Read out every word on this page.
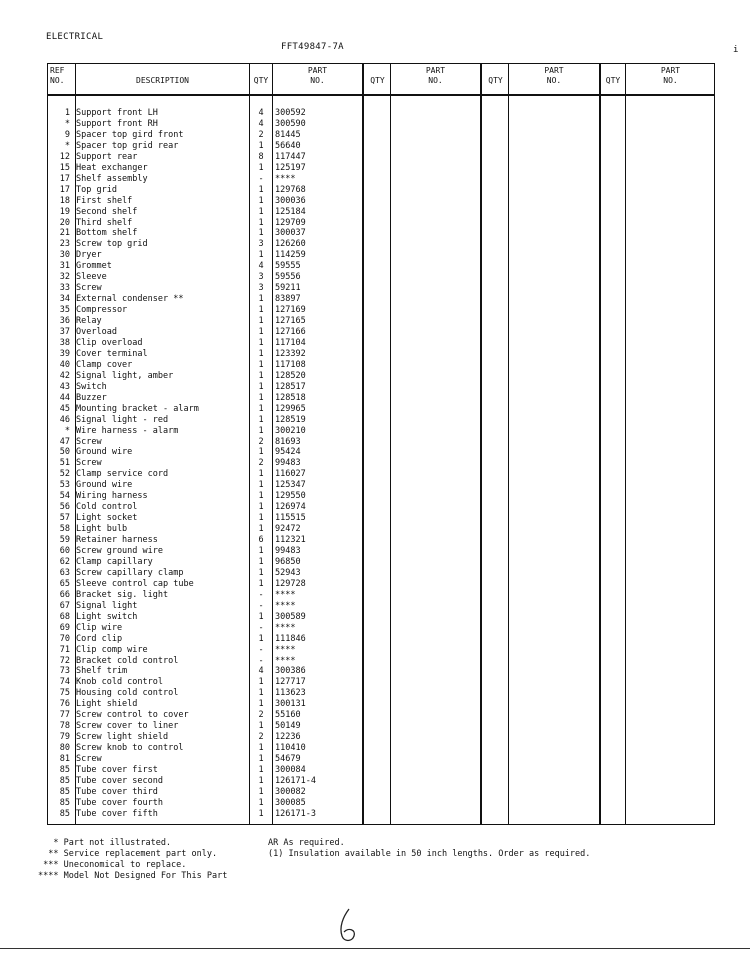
ELECTRICAL
FFT49847-7A	i
REF
NO.	DESCRIPTION	QTY
PART
NO.	QTY
PART
NO.	QTY
PART
NO.	QTY
PART
NO.
1 Support front LH	4	300592
* Support front RH	4	300590
9 Spacer top gird front	2	81445
* Spacer top grid rear	1	56640
12 Support rear	8	117447
15 Heat exchanger	1	125197
17 Shelf assembly	-	****
17 Top grid	1	129768
18 First shelf	1	300036
19 Second shelf	1	125184
20 Third shelf	1	129709
21 Bottom shelf	1	300037
23 Screw top grid	3	126260
30 Dryer	1	114259
31 Grommet	4	59555
32 Sleeve	3	59556
33 Screw	3	59211
34 External condenser **	1	83897
35 Compressor	1	127169
36 Relay	1	127165
37 Overload	1	127166
38 Clip overload	1	117104
39 Cover terminal	1	123392
40 Clamp cover	1	117108
42 Signal light, amber	1	128520
43 Switch	1	128517
44 Buzzer	1	128518
45 Mounting bracket - alarm	1	129965
46 Signal light - red	1	128519
* Wire harness - alarm	1	300210
47 Screw	2	81693
50 Ground wire	1	95424
51 Screw	2	99483
52 Clamp service cord	1	116027
53 Ground wire	1	125347
54 Wiring harness	1	129550
56 Cold control	1	126974
57 Light socket	1	115515
58 Light bulb	1	92472
59 Retainer harness	6	112321
60 Screw ground wire	1	99483
62 Clamp capillary	1	96850
63 Screw capillary clamp	1	52943
65 Sleeve control cap tube	1	129728
66 Bracket sig. light	-	****
67 Signal light	-	****
68 Light switch	1	300589
69 Clip wire	-	****
70 Cord clip	1	111846
71 Clip comp wire	-	****
72 Bracket cold control	-	****
73 Shelf trim	4	300386
74 Knob cold control	1	127717
75 Housing cold control	1	113623
76 Light shield	1	300131
77 Screw control to cover	2	55160
78 Screw cover to liner	1	50149
79 Screw light shield	2	12236
80 Screw knob to control	1	110410
81 Screw	1	54679
85 Tube cover first	1	300084
85 Tube cover second	1	126171-4
85 Tube cover third	1	300082
85 Tube cover fourth	1	300085
85 Tube cover fifth	1	126171-3
* Part not illustrated.
** Service replacement part only.
*** Uneconomical to replace.
**** Model Not Designed For This Part
AR As required.
(1) Insulation available in 50 inch lengths. Order as required.
